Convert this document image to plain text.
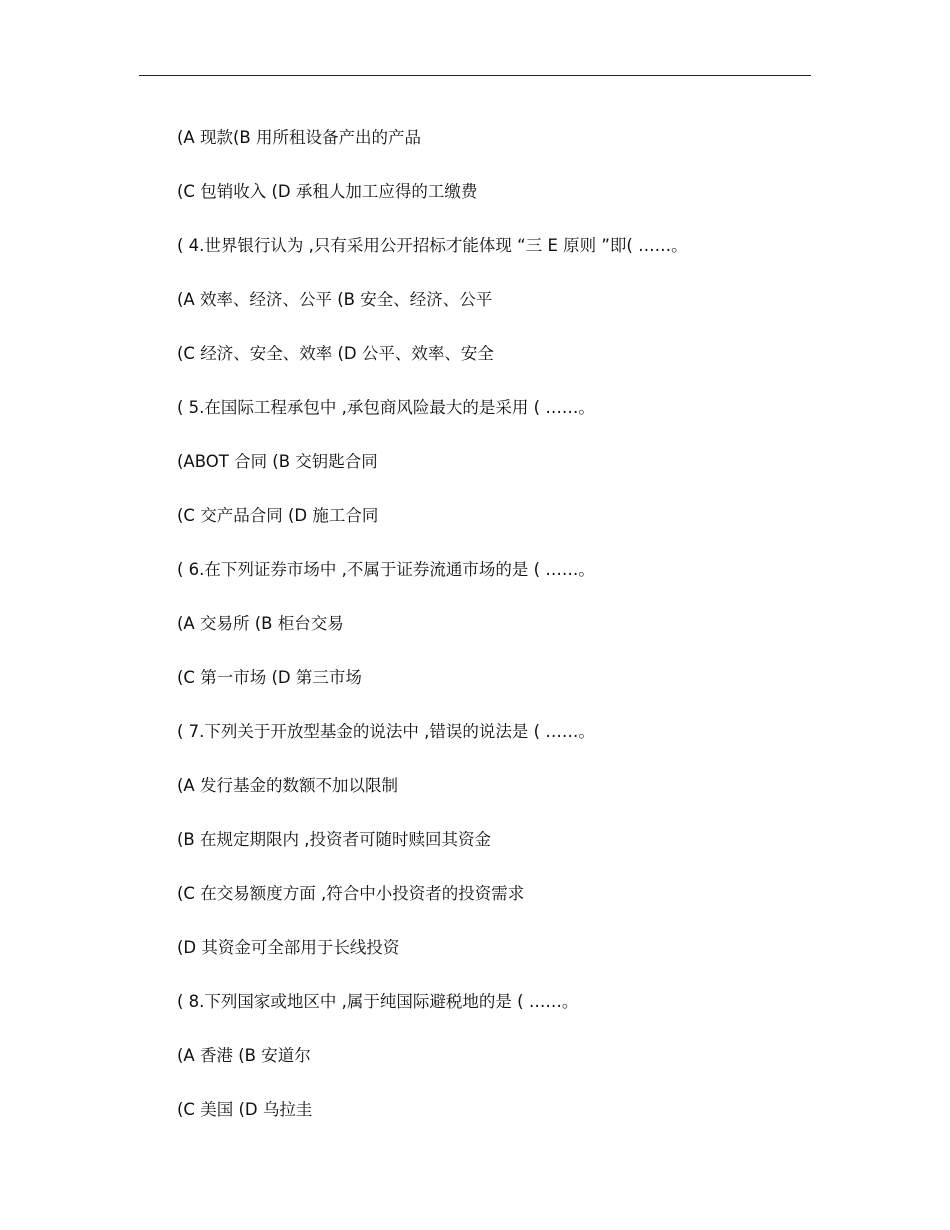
(A 现款(B 用所租设备产出的产品
(C 包销收入 (D 承租人加工应得的工缴费
( 4.世界银行认为 ,只有采用公开招标才能体现 “三 E 原则 ”即( ……。
(A 效率、经济、公平 (B 安全、经济、公平
(C 经济、安全、效率 (D 公平、效率、安全
( 5.在国际工程承包中 ,承包商风险最大的是采用 ( ……。
(ABOT 合同 (B 交钥匙合同
(C 交产品合同 (D 施工合同
( 6.在下列证券市场中 ,不属于证券流通市场的是 ( ……。
(A 交易所 (B 柜台交易
(C 第一市场 (D 第三市场
( 7.下列关于开放型基金的说法中 ,错误的说法是 ( ……。
(A 发行基金的数额不加以限制
(B 在规定期限内 ,投资者可随时赎回其资金
(C 在交易额度方面 ,符合中小投资者的投资需求
(D 其资金可全部用于长线投资
( 8.下列国家或地区中 ,属于纯国际避税地的是 ( ……。
(A 香港 (B 安道尔
(C 美国 (D 乌拉圭
